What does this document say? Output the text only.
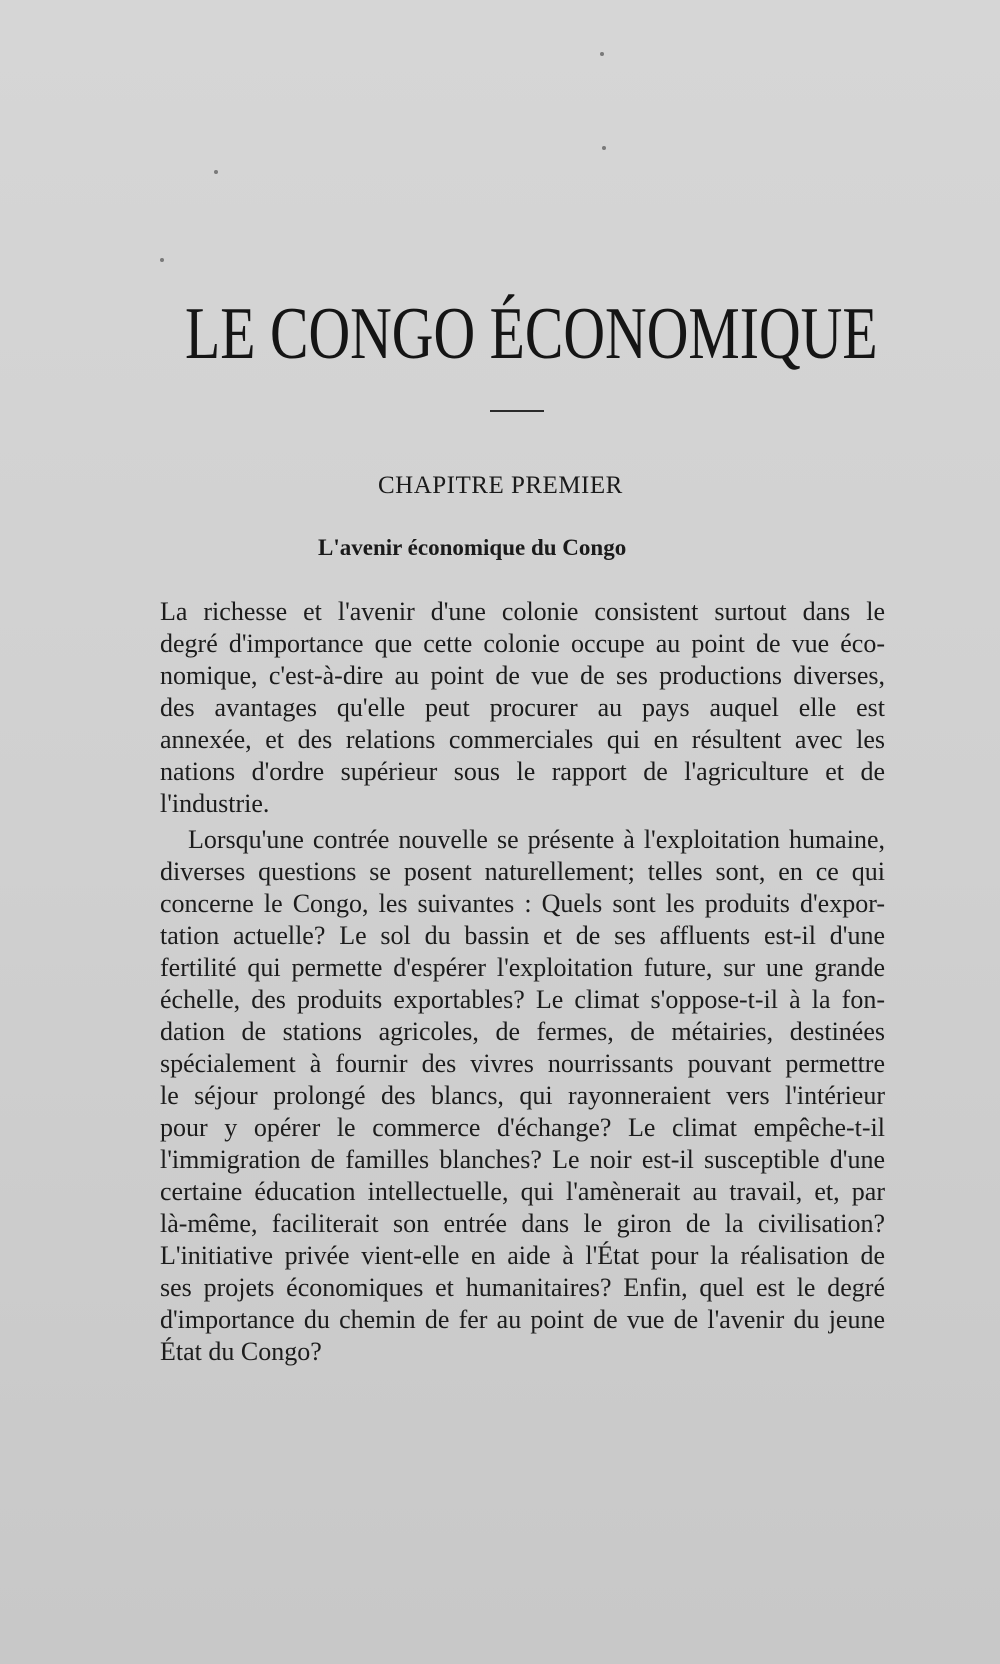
LE CONGO ÉCONOMIQUE
CHAPITRE PREMIER
L'avenir économique du Congo
La richesse et l'avenir d'une colonie consistent surtout dans le
degré d'importance que cette colonie occupe au point de vue éco-
nomique, c'est-à-dire au point de vue de ses productions diverses,
des avantages qu'elle peut procurer au pays auquel elle est
annexée, et des relations commerciales qui en résultent avec les
nations d'ordre supérieur sous le rapport de l'agriculture et de
l'industrie.
Lorsqu'une contrée nouvelle se présente à l'exploitation humaine,
diverses questions se posent naturellement; telles sont, en ce qui
concerne le Congo, les suivantes : Quels sont les produits d'expor-
tation actuelle? Le sol du bassin et de ses affluents est-il d'une
fertilité qui permette d'espérer l'exploitation future, sur une grande
échelle, des produits exportables? Le climat s'oppose-t-il à la fon-
dation de stations agricoles, de fermes, de métairies, destinées
spécialement à fournir des vivres nourrissants pouvant permettre
le séjour prolongé des blancs, qui rayonneraient vers l'intérieur
pour y opérer le commerce d'échange? Le climat empêche-t-il
l'immigration de familles blanches? Le noir est-il susceptible d'une
certaine éducation intellectuelle, qui l'amènerait au travail, et, par
là-même, faciliterait son entrée dans le giron de la civilisation?
L'initiative privée vient-elle en aide à l'État pour la réalisation de
ses projets économiques et humanitaires? Enfin, quel est le degré
d'importance du chemin de fer au point de vue de l'avenir du jeune
État du Congo?
